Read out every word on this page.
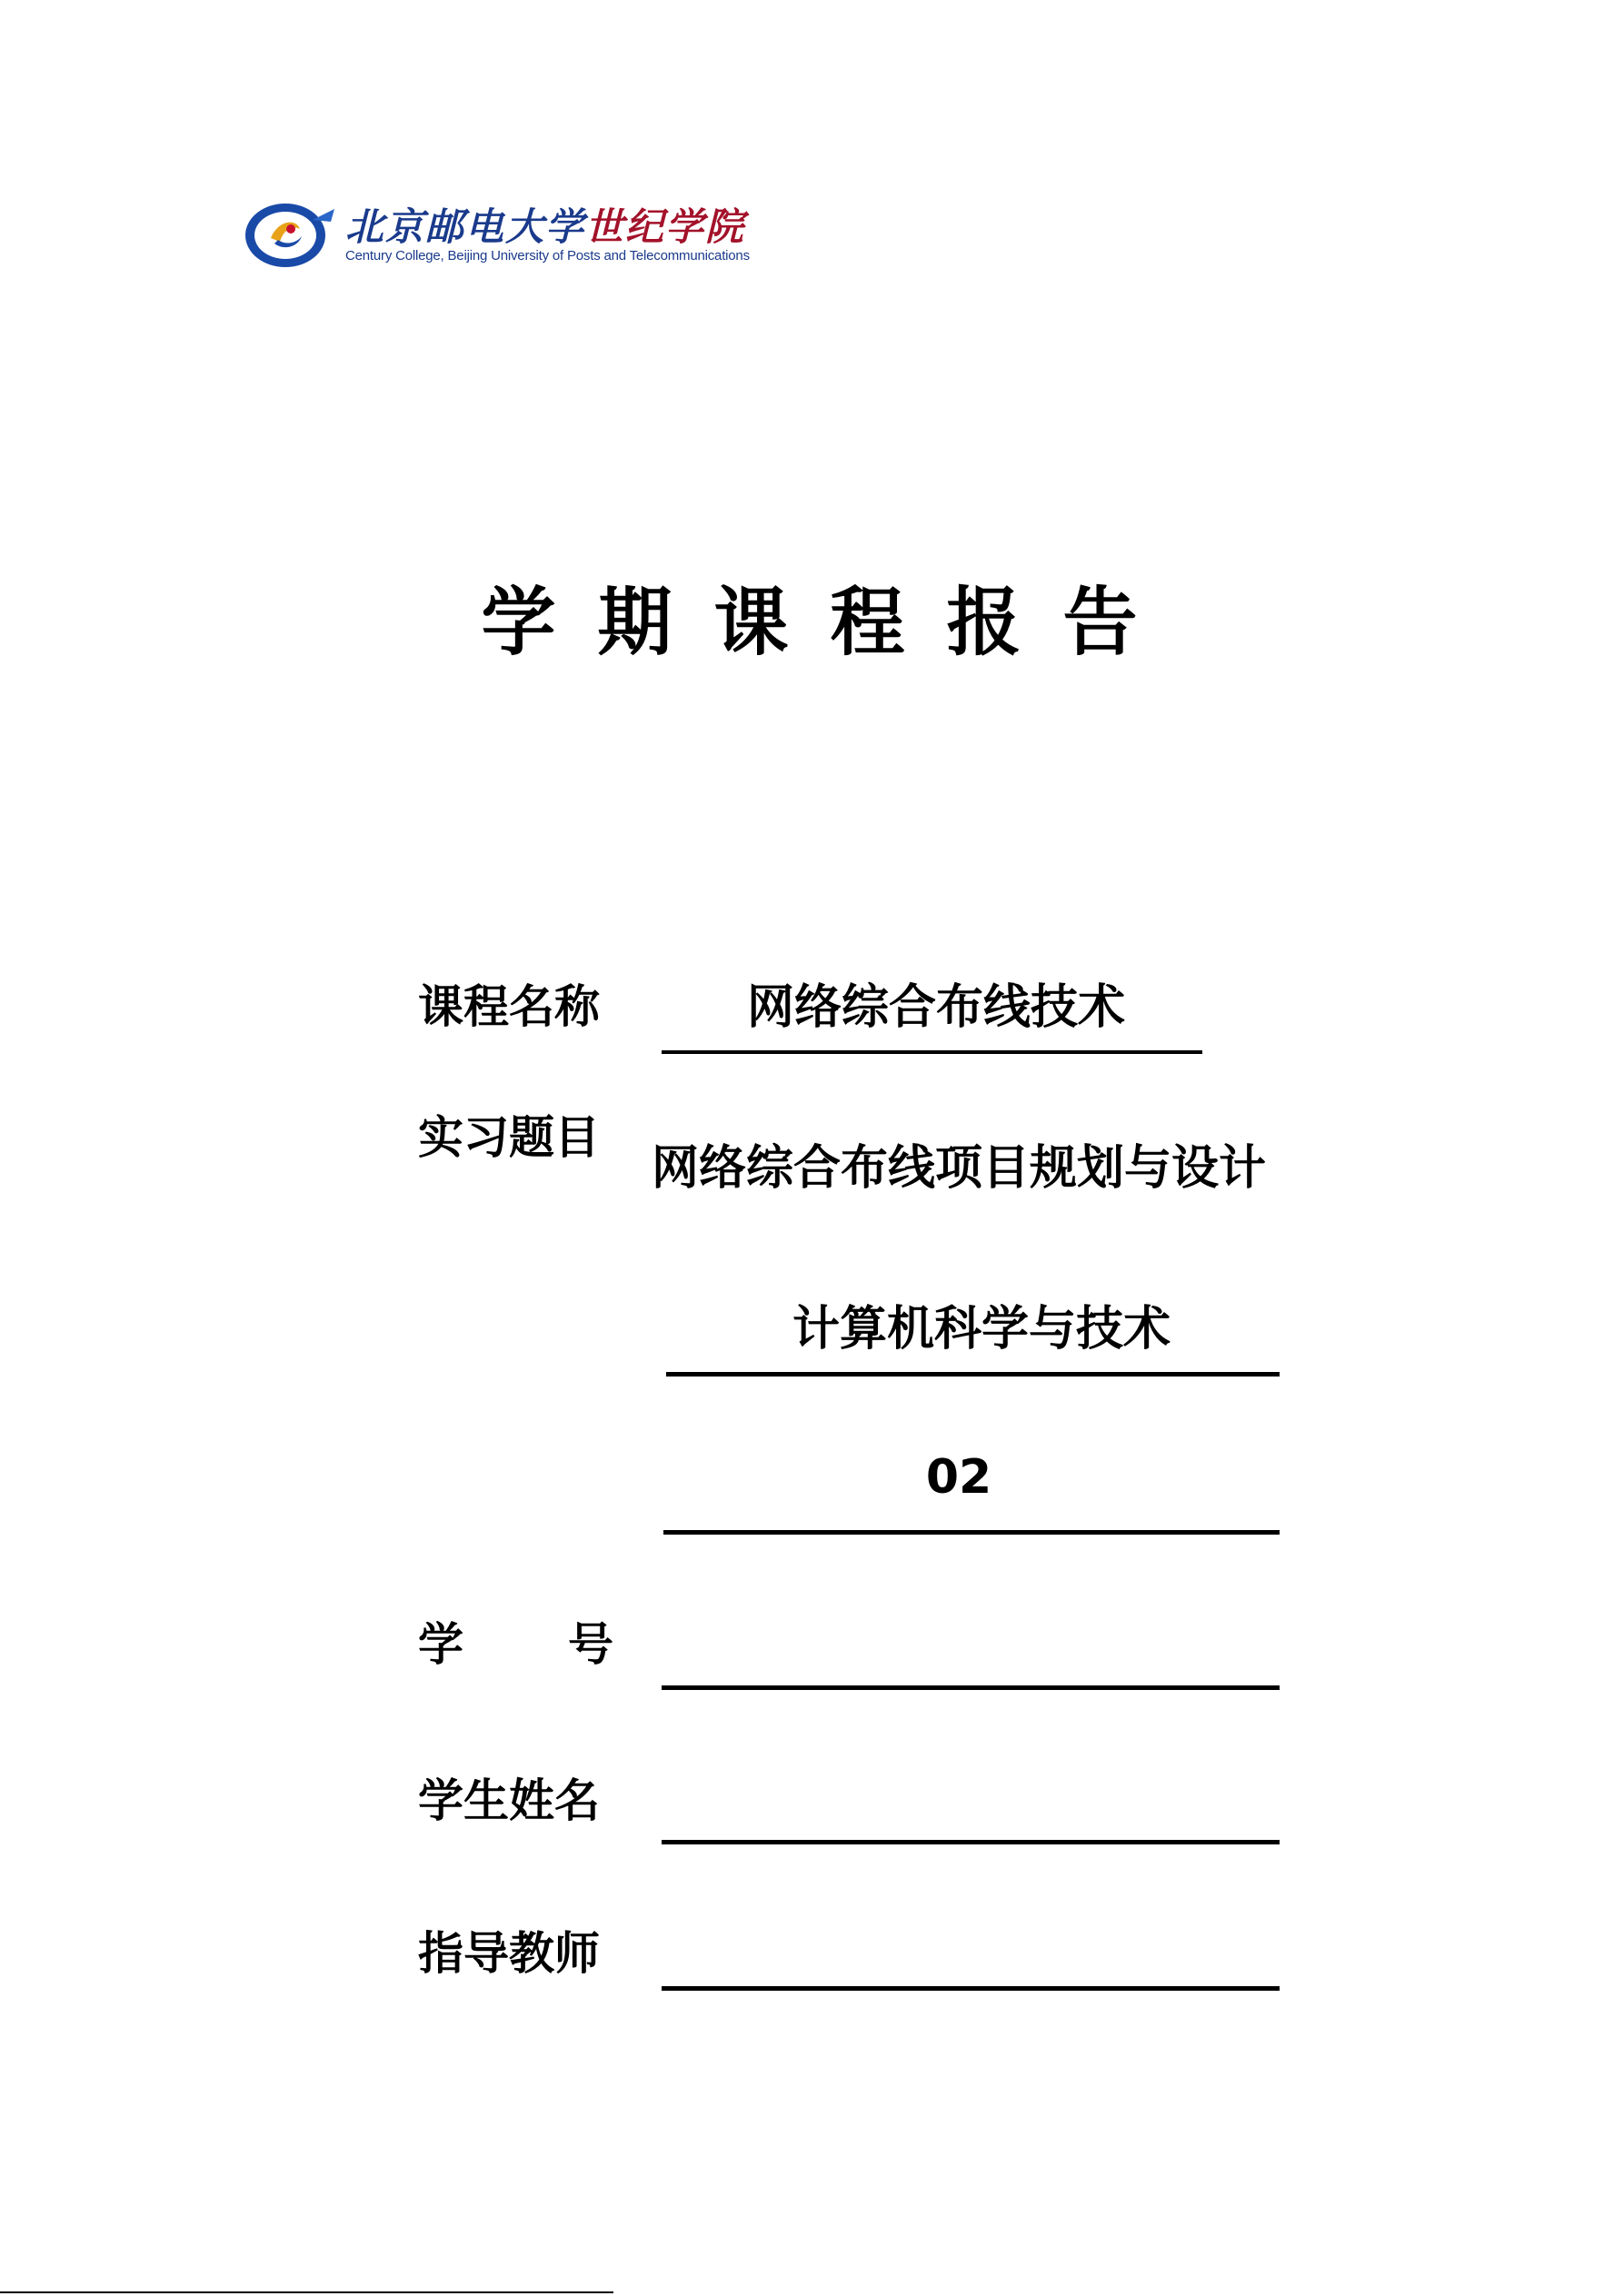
北京邮电大学世纪学院
Century College, Beijing University of Posts and Telecommunications
学期课程报告
课程名称	网络综合布线技术
实习题目
网络综合布线项目规划与设计
计算机科学与技术
02
学 号
学生姓名
指导教师
